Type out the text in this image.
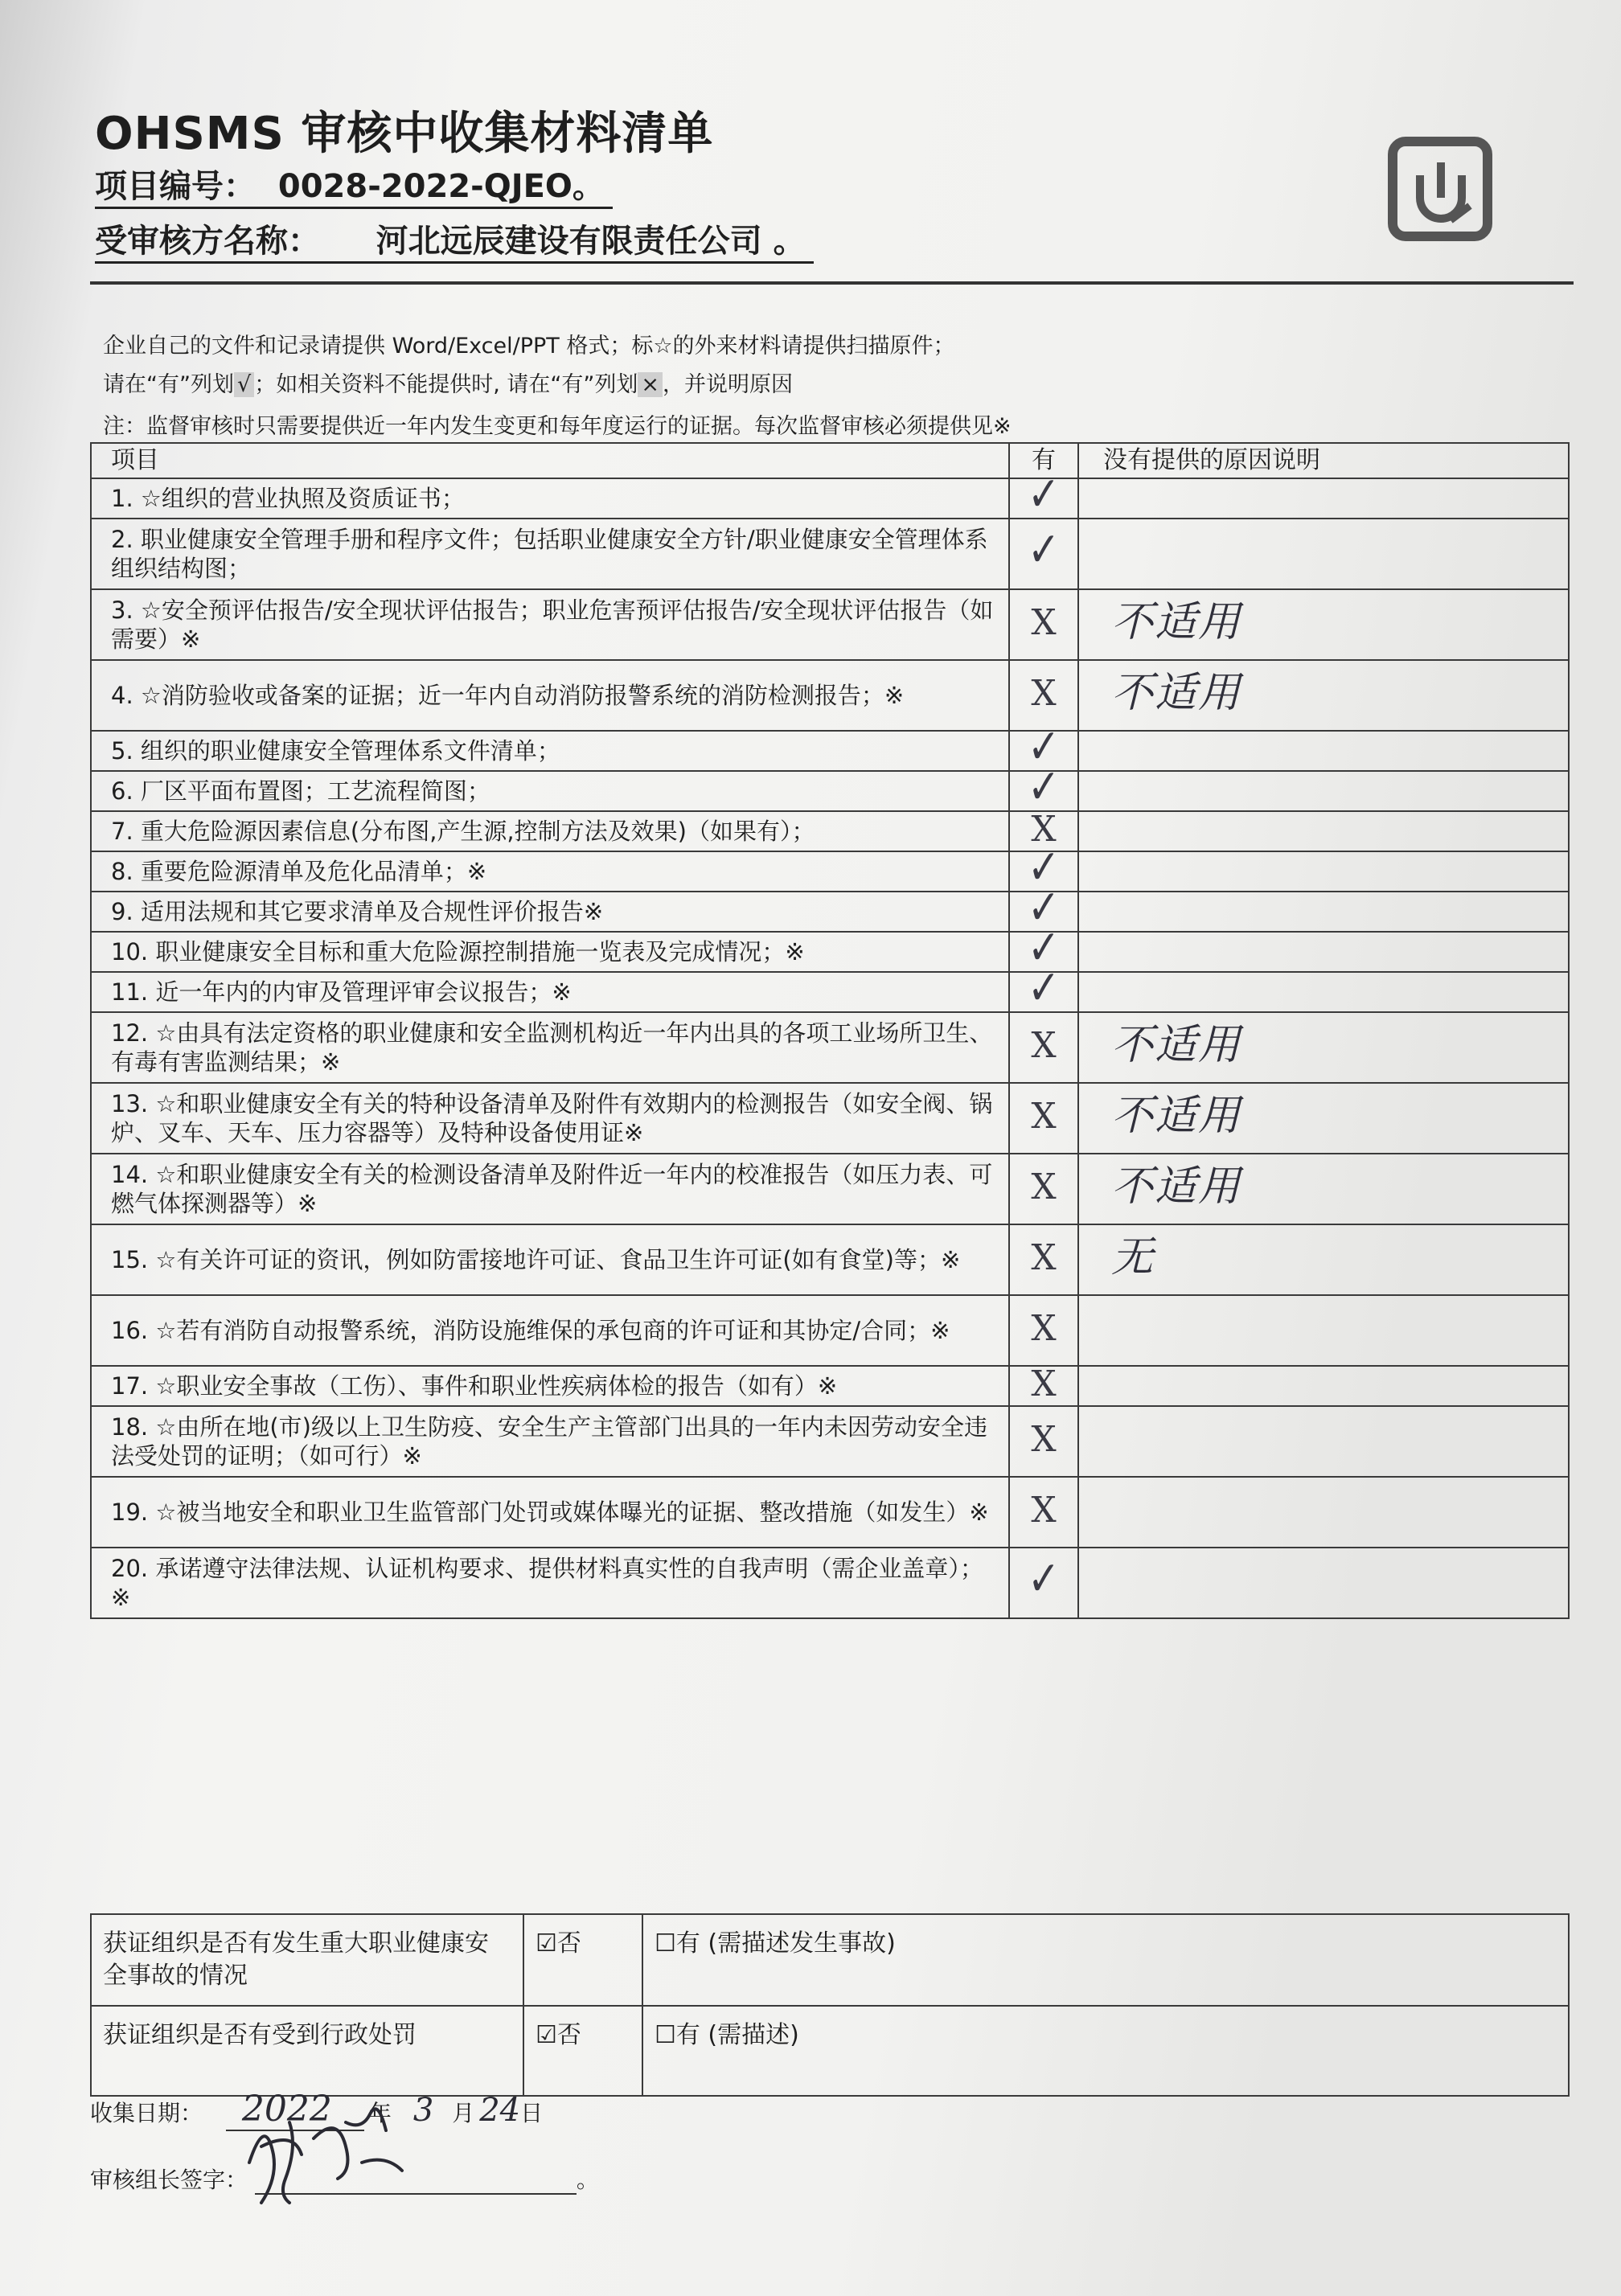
OHSMS 审核中收集材料清单
项目编号： 0028-2022-QJEO。
受审核方名称： 河北远辰建设有限责任公司 。
企业自己的文件和记录请提供 Word/Excel/PPT 格式；标☆的外来材料请提供扫描原件；
请在“有”列划 √ ；如相关资料不能提供时, 请在“有”列划 × ，并说明原因
注：监督审核时只需要提供近一年内发生变更和每年度运行的证据。每次监督审核必须提供见※
项目	有	没有提供的原因说明
1. ☆组织的营业执照及资质证书；	✓	
2. 职业健康安全管理手册和程序文件；包括职业健康安全方针/职业健康安全管理体系组织结构图；	✓	
3. ☆安全预评估报告/安全现状评估报告；职业危害预评估报告/安全现状评估报告（如需要）※	X	不适用
4. ☆消防验收或备案的证据；近一年内自动消防报警系统的消防检测报告；※	X	不适用
5. 组织的职业健康安全管理体系文件清单；	✓	
6. 厂区平面布置图；工艺流程简图；	✓	
7. 重大危险源因素信息(分布图,产生源,控制方法及效果)（如果有）；	X	
8. 重要危险源清单及危化品清单；※	✓	
9. 适用法规和其它要求清单及合规性评价报告※	✓	
10. 职业健康安全目标和重大危险源控制措施一览表及完成情况；※	✓	
11. 近一年内的内审及管理评审会议报告；※	✓	
12. ☆由具有法定资格的职业健康和安全监测机构近一年内出具的各项工业场所卫生、有毒有害监测结果；※	X	不适用
13. ☆和职业健康安全有关的特种设备清单及附件有效期内的检测报告（如安全阀、锅炉、叉车、天车、压力容器等）及特种设备使用证※	X	不适用
14. ☆和职业健康安全有关的检测设备清单及附件近一年内的校准报告（如压力表、可燃气体探测器等）※	X	不适用
15. ☆有关许可证的资讯，例如防雷接地许可证、食品卫生许可证(如有食堂)等；※	X	无
16. ☆若有消防自动报警系统，消防设施维保的承包商的许可证和其协定/合同；※	X	
17. ☆职业安全事故（工伤）、事件和职业性疾病体检的报告（如有）※	X	
18. ☆由所在地(市)级以上卫生防疫、安全生产主管部门出具的一年内未因劳动安全违法受处罚的证明；（如可行）※	X	
19. ☆被当地安全和职业卫生监管部门处罚或媒体曝光的证据、整改措施（如发生）※	X	
20. 承诺遵守法律法规、认证机构要求、提供材料真实性的自我声明（需企业盖章）；※	✓	
获证组织是否有发生重大职业健康安全事故的情况	☑否	☐有 (需描述发生事故)
获证组织是否有受到行政处罚	☑否	☐有 (需描述)
收集日期： 2022 年 3 月 24日
审核组长签字：	。
